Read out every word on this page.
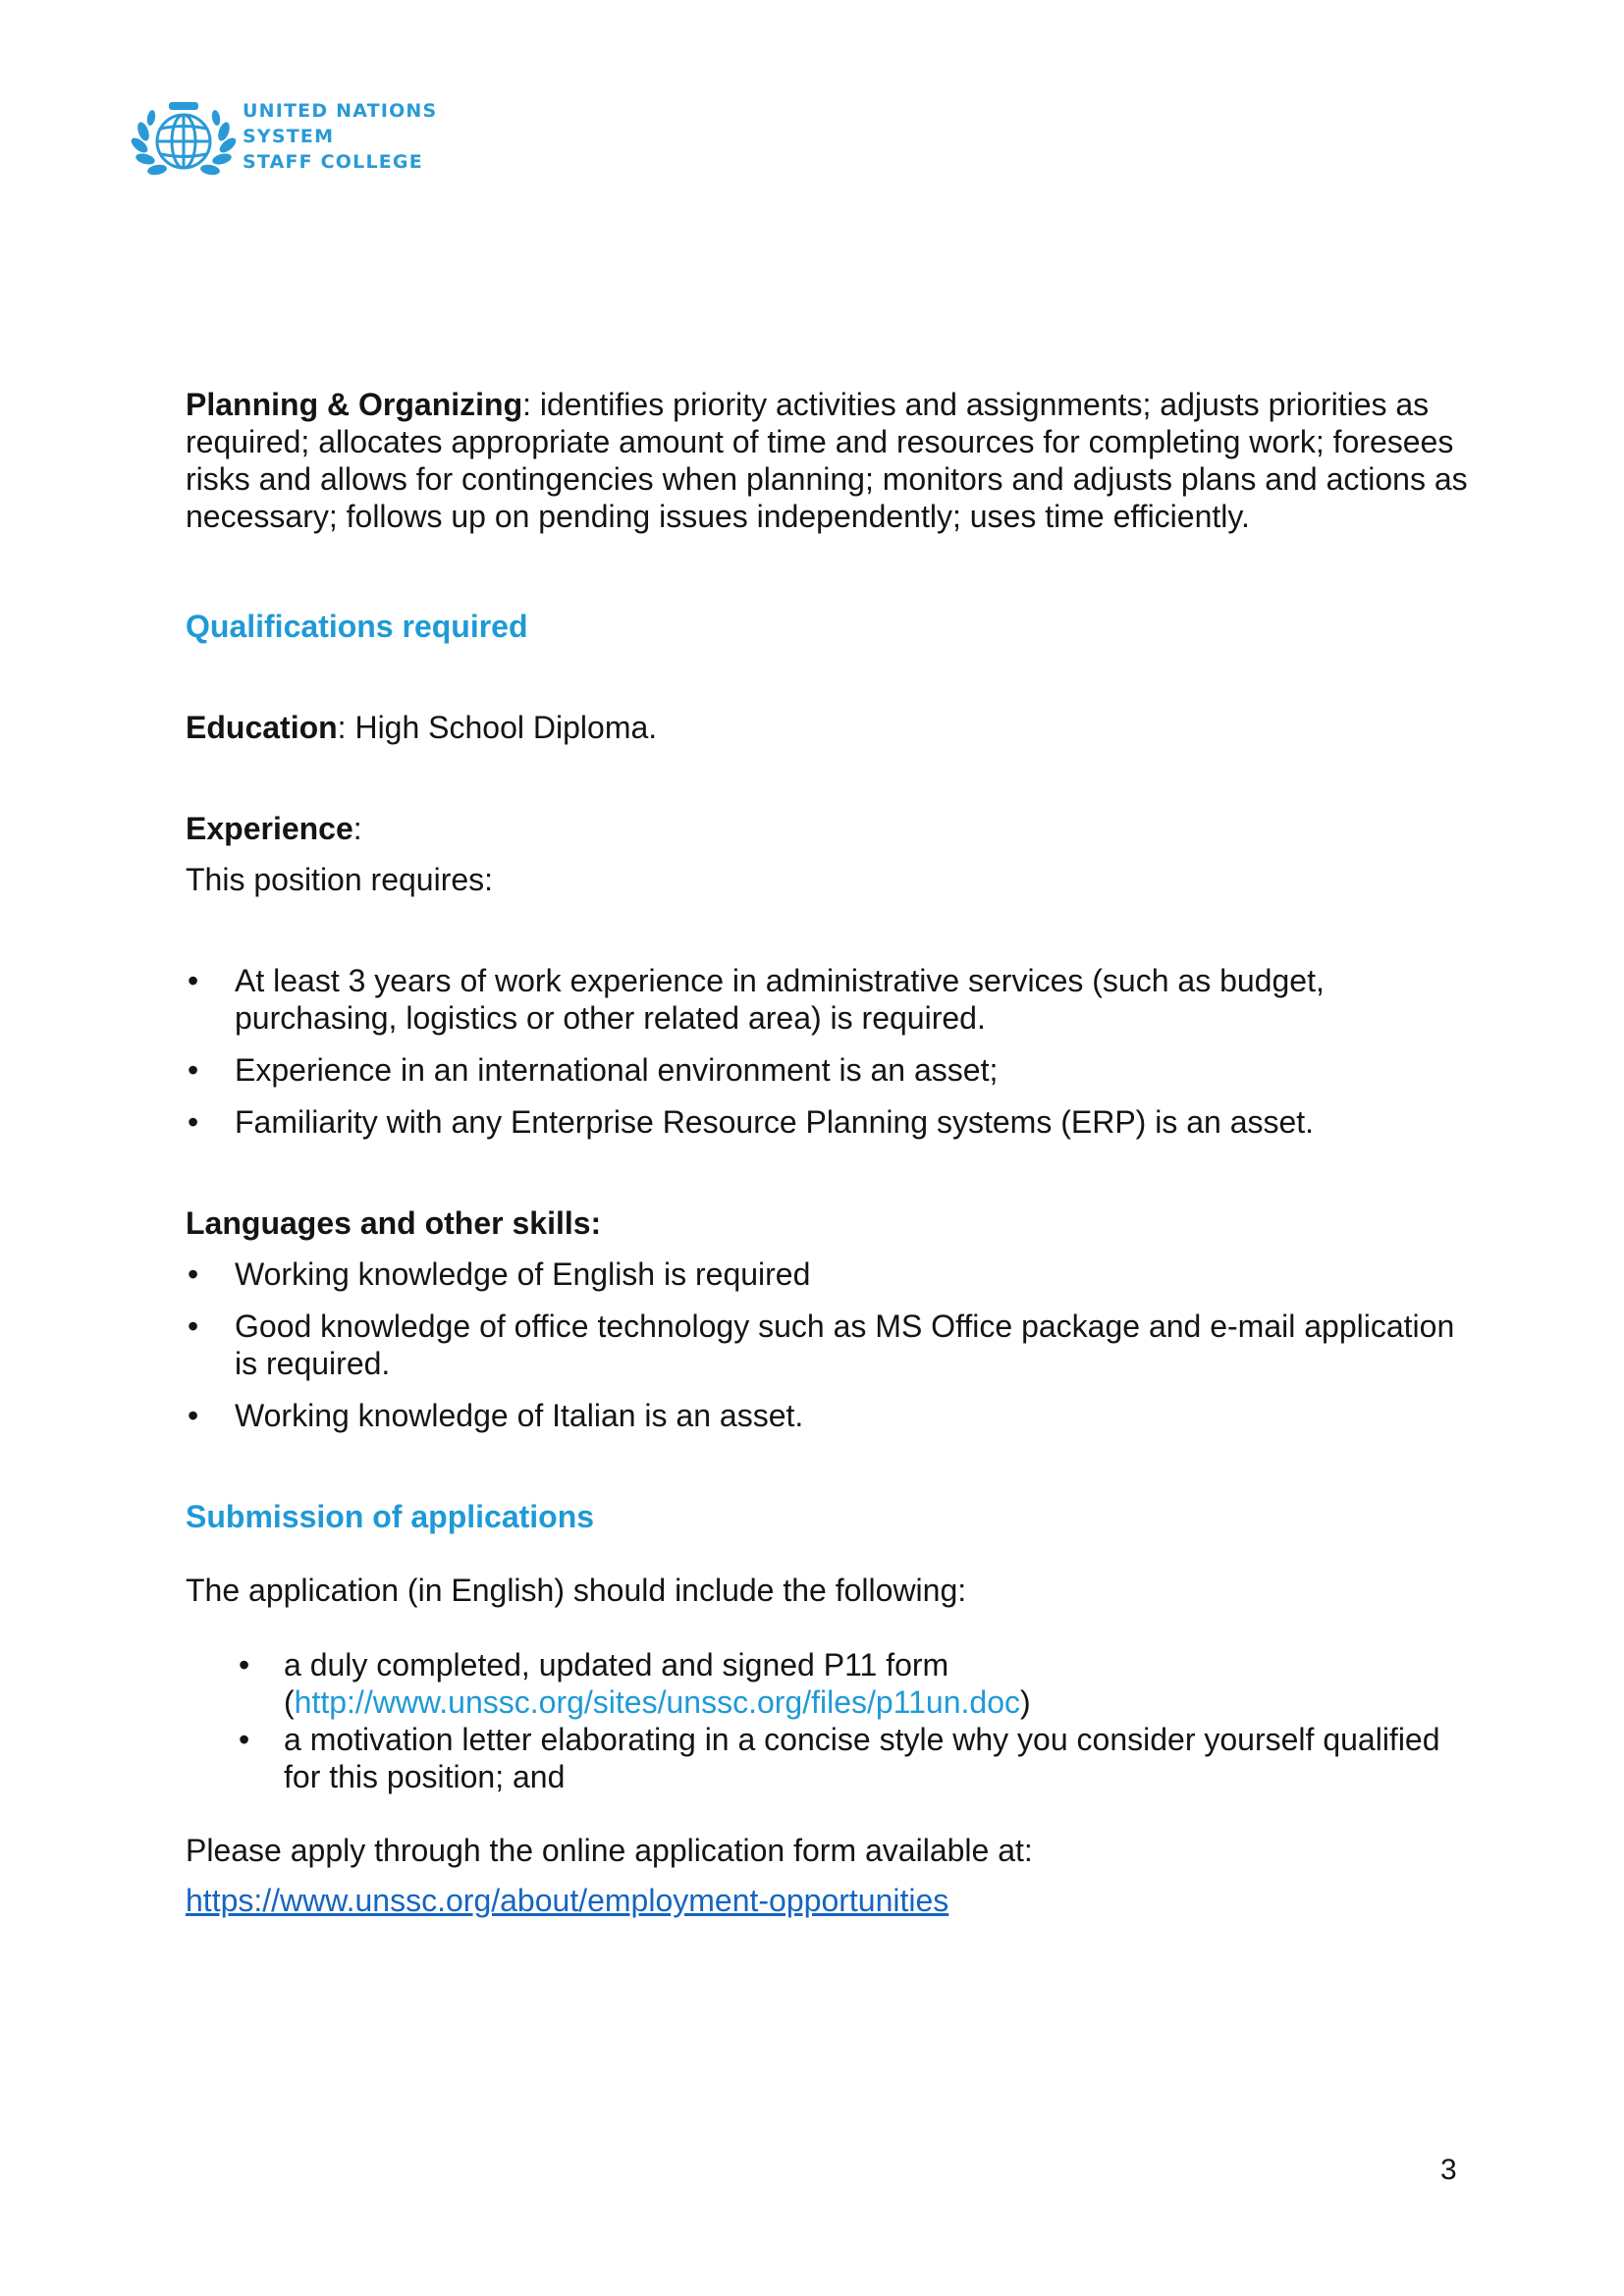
UNITED NATIONS
SYSTEM
STAFF COLLEGE

Planning & Organizing: identifies priority activities and assignments; adjusts priorities as required; allocates appropriate amount of time and resources for completing work; foresees risks and allows for contingencies when planning; monitors and adjusts plans and actions as necessary; follows up on pending issues independently; uses time efficiently.

Qualifications required

Education: High School Diploma.

Experience:

This position requires:

• At least 3 years of work experience in administrative services (such as budget, purchasing, logistics or other related area) is required.
• Experience in an international environment is an asset;
• Familiarity with any Enterprise Resource Planning systems (ERP) is an asset.

Languages and other skills:

• Working knowledge of English is required
• Good knowledge of office technology such as MS Office package and e-mail application is required.
• Working knowledge of Italian is an asset.

Submission of applications

The application (in English) should include the following:

• a duly completed, updated and signed P11 form (http://www.unssc.org/sites/unssc.org/files/p11un.doc)
• a motivation letter elaborating in a concise style why you consider yourself qualified for this position; and

Please apply through the online application form available at:

https://www.unssc.org/about/employment-opportunities

3
